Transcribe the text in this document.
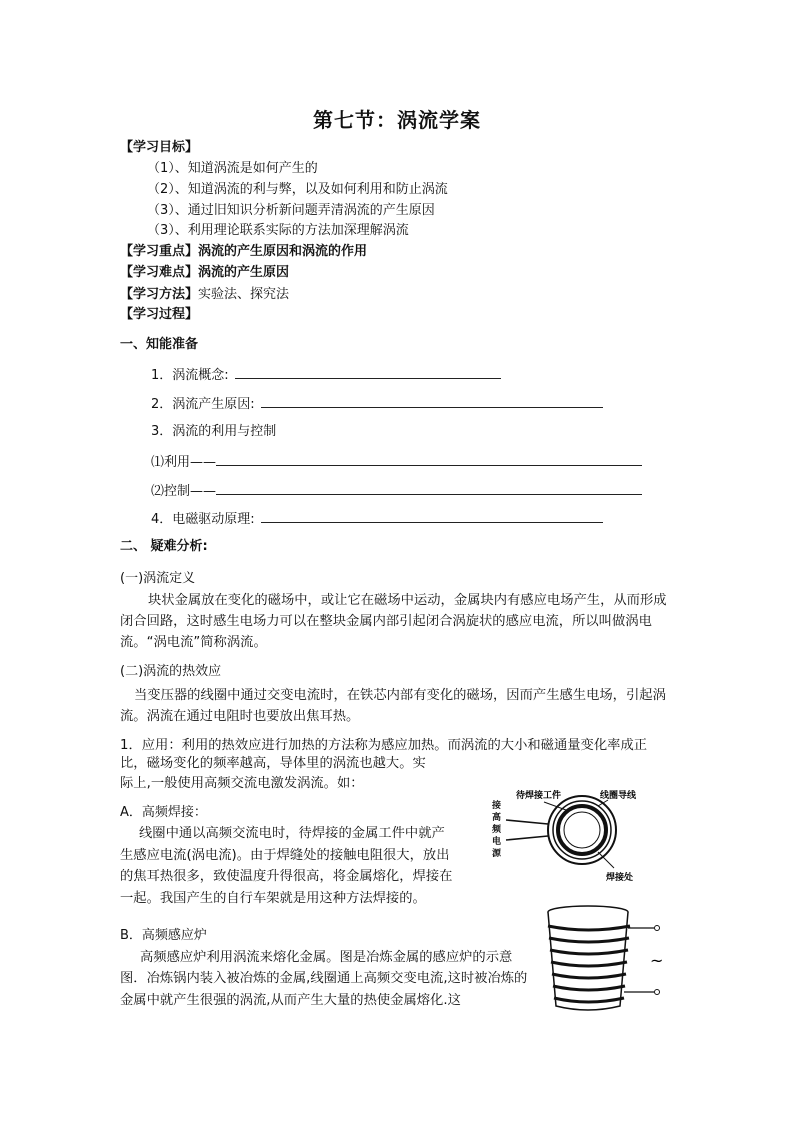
第七节：涡流学案
【学习目标】
（1）、知道涡流是如何产生的
（2）、知道涡流的利与弊，以及如何利用和防止涡流
（3）、通过旧知识分析新问题弄清涡流的产生原因
（3）、利用理论联系实际的方法加深理解涡流
【学习重点】涡流的产生原因和涡流的作用
【学习难点】涡流的产生原因
【学习方法】实验法、探究法
【学习过程】
一、知能准备
1．涡流概念:
2．涡流产生原因:
3．涡流的利用与控制
⑴利用——
⑵控制——
4．电磁驱动原理:
二、 疑难分析:
(一)涡流定义
块状金属放在变化的磁场中，或让它在磁场中运动，金属块内有感应电场产生，从而形成闭合回路，这时感生电场力可以在整块金属内部引起闭合涡旋状的感应电流，所以叫做涡电流。“涡电流”简称涡流。
(二)涡流的热效应
当变压器的线圈中通过交变电流时，在铁芯内部有变化的磁场，因而产生感生电场，引起涡流。涡流在通过电阻时也要放出焦耳热。
1．应用：利用的热效应进行加热的方法称为感应加热。而涡流的大小和磁通量变化率成正
比，磁场变化的频率越高，导体里的涡流也越大。实
际上,一般使用高频交流电激发涡流。如：
A．高频焊接：
线圈中通以高频交流电时，待焊接的金属工件中就产生感应电流(涡电流)。由于焊缝处的接触电阻很大，放出的焦耳热很多，致使温度升得很高，将金属熔化，焊接在一起。我国产生的自行车架就是用这种方法焊接的。
B．高频感应炉
高频感应炉利用涡流来熔化金属。图是冶炼金属的感应炉的示意图．冶炼锅内装入被冶炼的金属,线圈通上高频交变电流,这时被冶炼的金属中就产生很强的涡流,从而产生大量的热使金属熔化.这
待焊接工件	线圈导线
焊接处
接高频电源
~
